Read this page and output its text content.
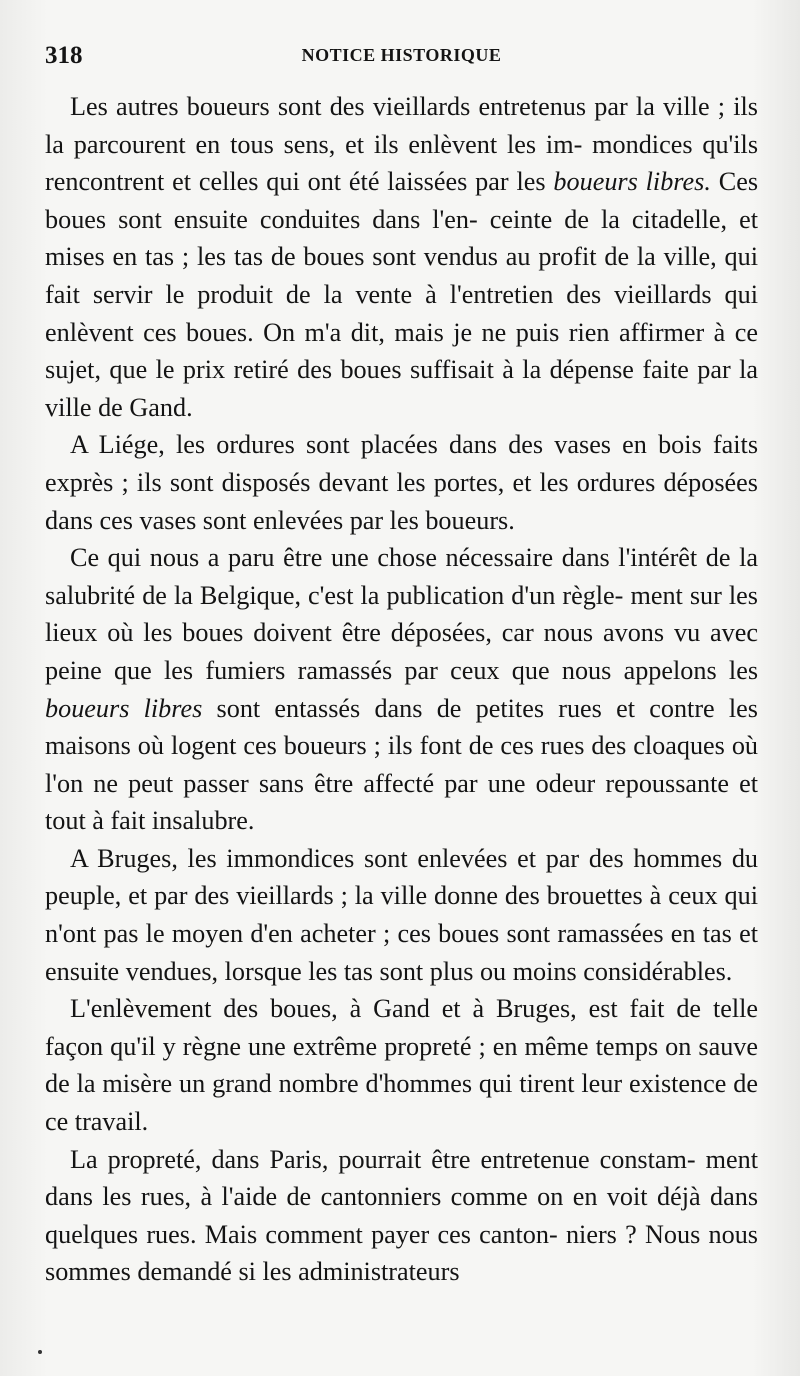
318	NOTICE HISTORIQUE

Les autres boueurs sont des vieillards entretenus par la ville ; ils la parcourent en tous sens, et ils enlèvent les im- mondices qu'ils rencontrent et celles qui ont été laissées par les boueurs libres. Ces boues sont ensuite conduites dans l'en- ceinte de la citadelle, et mises en tas ; les tas de boues sont vendus au profit de la ville, qui fait servir le produit de la vente à l'entretien des vieillards qui enlèvent ces boues. On m'a dit, mais je ne puis rien affirmer à ce sujet, que le prix retiré des boues suffisait à la dépense faite par la ville de Gand.

A Liége, les ordures sont placées dans des vases en bois faits exprès ; ils sont disposés devant les portes, et les ordures déposées dans ces vases sont enlevées par les boueurs.

Ce qui nous a paru être une chose nécessaire dans l'intérêt de la salubrité de la Belgique, c'est la publication d'un règle- ment sur les lieux où les boues doivent être déposées, car nous avons vu avec peine que les fumiers ramassés par ceux que nous appelons les boueurs libres sont entassés dans de petites rues et contre les maisons où logent ces boueurs ; ils font de ces rues des cloaques où l'on ne peut passer sans être affecté par une odeur repoussante et tout à fait insalubre.

A Bruges, les immondices sont enlevées et par des hommes du peuple, et par des vieillards ; la ville donne des brouettes à ceux qui n'ont pas le moyen d'en acheter ; ces boues sont ramassées en tas et ensuite vendues, lorsque les tas sont plus ou moins considérables.

L'enlèvement des boues, à Gand et à Bruges, est fait de telle façon qu'il y règne une extrême propreté ; en même temps on sauve de la misère un grand nombre d'hommes qui tirent leur existence de ce travail.

La propreté, dans Paris, pourrait être entretenue constam- ment dans les rues, à l'aide de cantonniers comme on en voit déjà dans quelques rues. Mais comment payer ces canton- niers ? Nous nous sommes demandé si les administrateurs
